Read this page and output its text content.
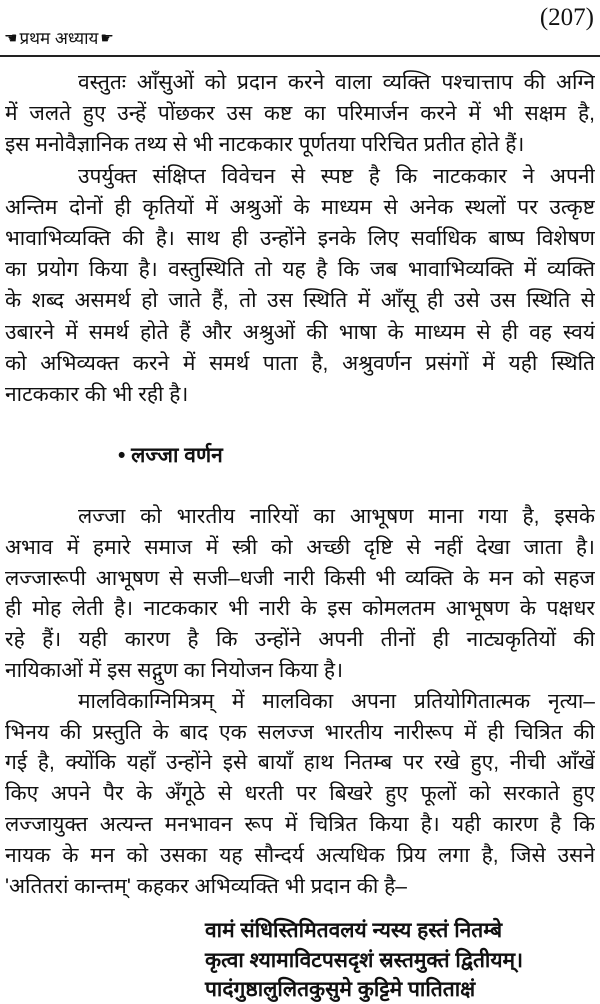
(207)
☚ प्रथम अध्याय ☛
वस्तुतः आँसुओं को प्रदान करने वाला व्यक्ति पश्चात्ताप की अग्नि
में जलते हुए उन्हें पोंछकर उस कष्ट का परिमार्जन करने में भी सक्षम है,
इस मनोवैज्ञानिक तथ्य से भी नाटककार पूर्णतया परिचित प्रतीत होते हैं।
उपर्युक्त संक्षिप्त विवेचन से स्पष्ट है कि नाटककार ने अपनी
अन्तिम दोनों ही कृतियों में अश्रुओं के माध्यम से अनेक स्थलों पर उत्कृष्ट
भावाभिव्यक्ति की है। साथ ही उन्होंने इनके लिए सर्वाधिक बाष्प विशेषण
का प्रयोग किया है। वस्तुस्थिति तो यह है कि जब भावाभिव्यक्ति में व्यक्ति
के शब्द असमर्थ हो जाते हैं, तो उस स्थिति में आँसू ही उसे उस स्थिति से
उबारने में समर्थ होते हैं और अश्रुओं की भाषा के माध्यम से ही वह स्वयं
को अभिव्यक्त करने में समर्थ पाता है, अश्रुवर्णन प्रसंगों में यही स्थिति
नाटककार की भी रही है।
• लज्जा वर्णन
लज्जा को भारतीय नारियों का आभूषण माना गया है, इसके
अभाव में हमारे समाज में स्त्री को अच्छी दृष्टि से नहीं देखा जाता है।
लज्जारूपी आभूषण से सजी–धजी नारी किसी भी व्यक्ति के मन को सहज
ही मोह लेती है। नाटककार भी नारी के इस कोमलतम आभूषण के पक्षधर
रहे हैं। यही कारण है कि उन्होंने अपनी तीनों ही नाट्यकृतियों की
नायिकाओं में इस सद्गुण का नियोजन किया है।
मालविकाग्निमित्रम् में मालविका अपना प्रतियोगितात्मक नृत्या–
भिनय की प्रस्तुति के बाद एक सलज्ज भारतीय नारीरूप में ही चित्रित की
गई है, क्योंकि यहाँ उन्होंने इसे बायाँ हाथ नितम्ब पर रखे हुए, नीची आँखें
किए अपने पैर के अँगूठे से धरती पर बिखरे हुए फूलों को सरकाते हुए
लज्जायुक्त अत्यन्त मनभावन रूप में चित्रित किया है। यही कारण है कि
नायक के मन को उसका यह सौन्दर्य अत्यधिक प्रिय लगा है, जिसे उसने
'अतितरां कान्तम्' कहकर अभिव्यक्ति भी प्रदान की है–
वामं संधिस्तिमितवलयं न्यस्य हस्तं नितम्बे
कृत्वा श्यामाविटपसदृशं स्रस्तमुक्तं द्वितीयम्।
पादंगुष्ठालुलितकुसुमे कुट्टिमे पातिताक्षं
